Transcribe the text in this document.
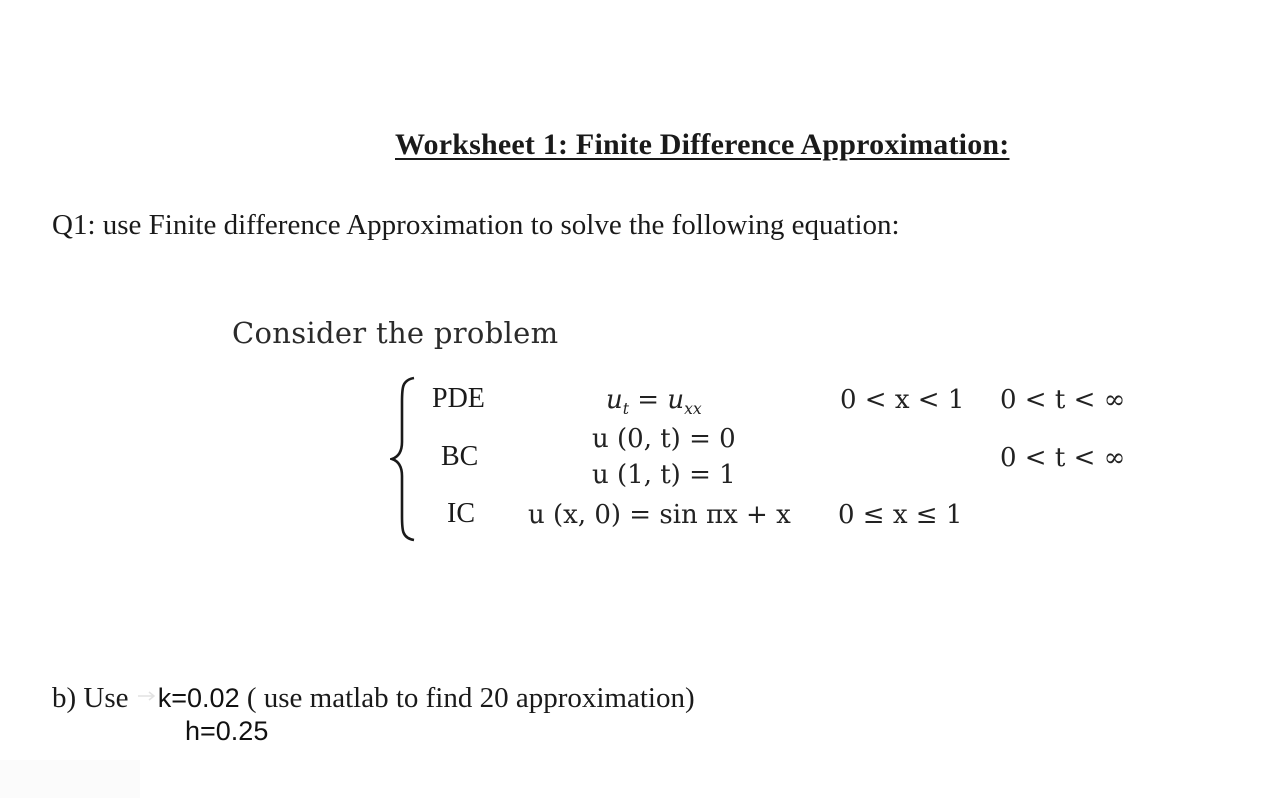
Worksheet 1: Finite Difference Approximation:
Q1: use Finite difference Approximation to solve the following equation:
Consider the problem
PDE
BC
IC
$u_t = u_{xx}$	0 < x < 1 0 < t < ∞
u (0, t) = 0
u (1, t) = 1
0 < t < ∞
u (x, 0) = sin πx + x 0 ≤ x ≤ 1
b) Use k=0.02 ( use matlab to find 20 approximation)
h=0.25
